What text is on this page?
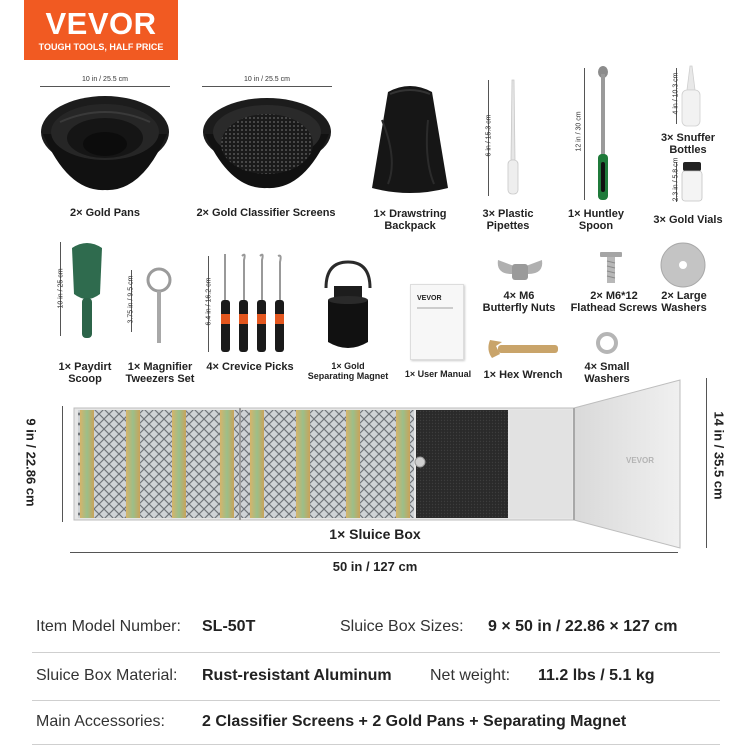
VEVOR
TOUGH TOOLS, HALF PRICE
10 in / 25.5 cm
2× Gold Pans
10 in / 25.5 cm
2× Gold Classifier Screens	1× Drawstring
Backpack
6 in / 15.3 cm
3× Plastic
Pipettes
12 in / 30 cm
1× Huntley
Spoon
4 in / 10.3 cm
3× Snuffer
Bottles
2.3 in / 5.8 cm
3× Gold Vials
10 in / 25 cm
1× Paydirt
Scoop
3.75 in / 9.5 cm
1× Magnifier
Tweezers Set
6.4 in / 16.2 cm
4× Crevice Picks	1× Gold
Separating Magnet
VEVOR
1× User Manual	1× Hex Wrench
4× M6
Butterfly Nuts
2× M6*12
Flathead Screws
2× Large
Washers
4× Small
Washers
9 in / 22.86 cm	VEVOR	14 in / 35.5 cm
1× Sluice Box
50 in / 127 cm
Item Model Number: SL-50T	Sluice Box Sizes: 9 × 50 in / 22.86 × 127 cm
Sluice Box Material: Rust-resistant Aluminum Net weight: 11.2 lbs / 5.1 kg
Main Accessories: 2 Classifier Screens + 2 Gold Pans + Separating Magnet
